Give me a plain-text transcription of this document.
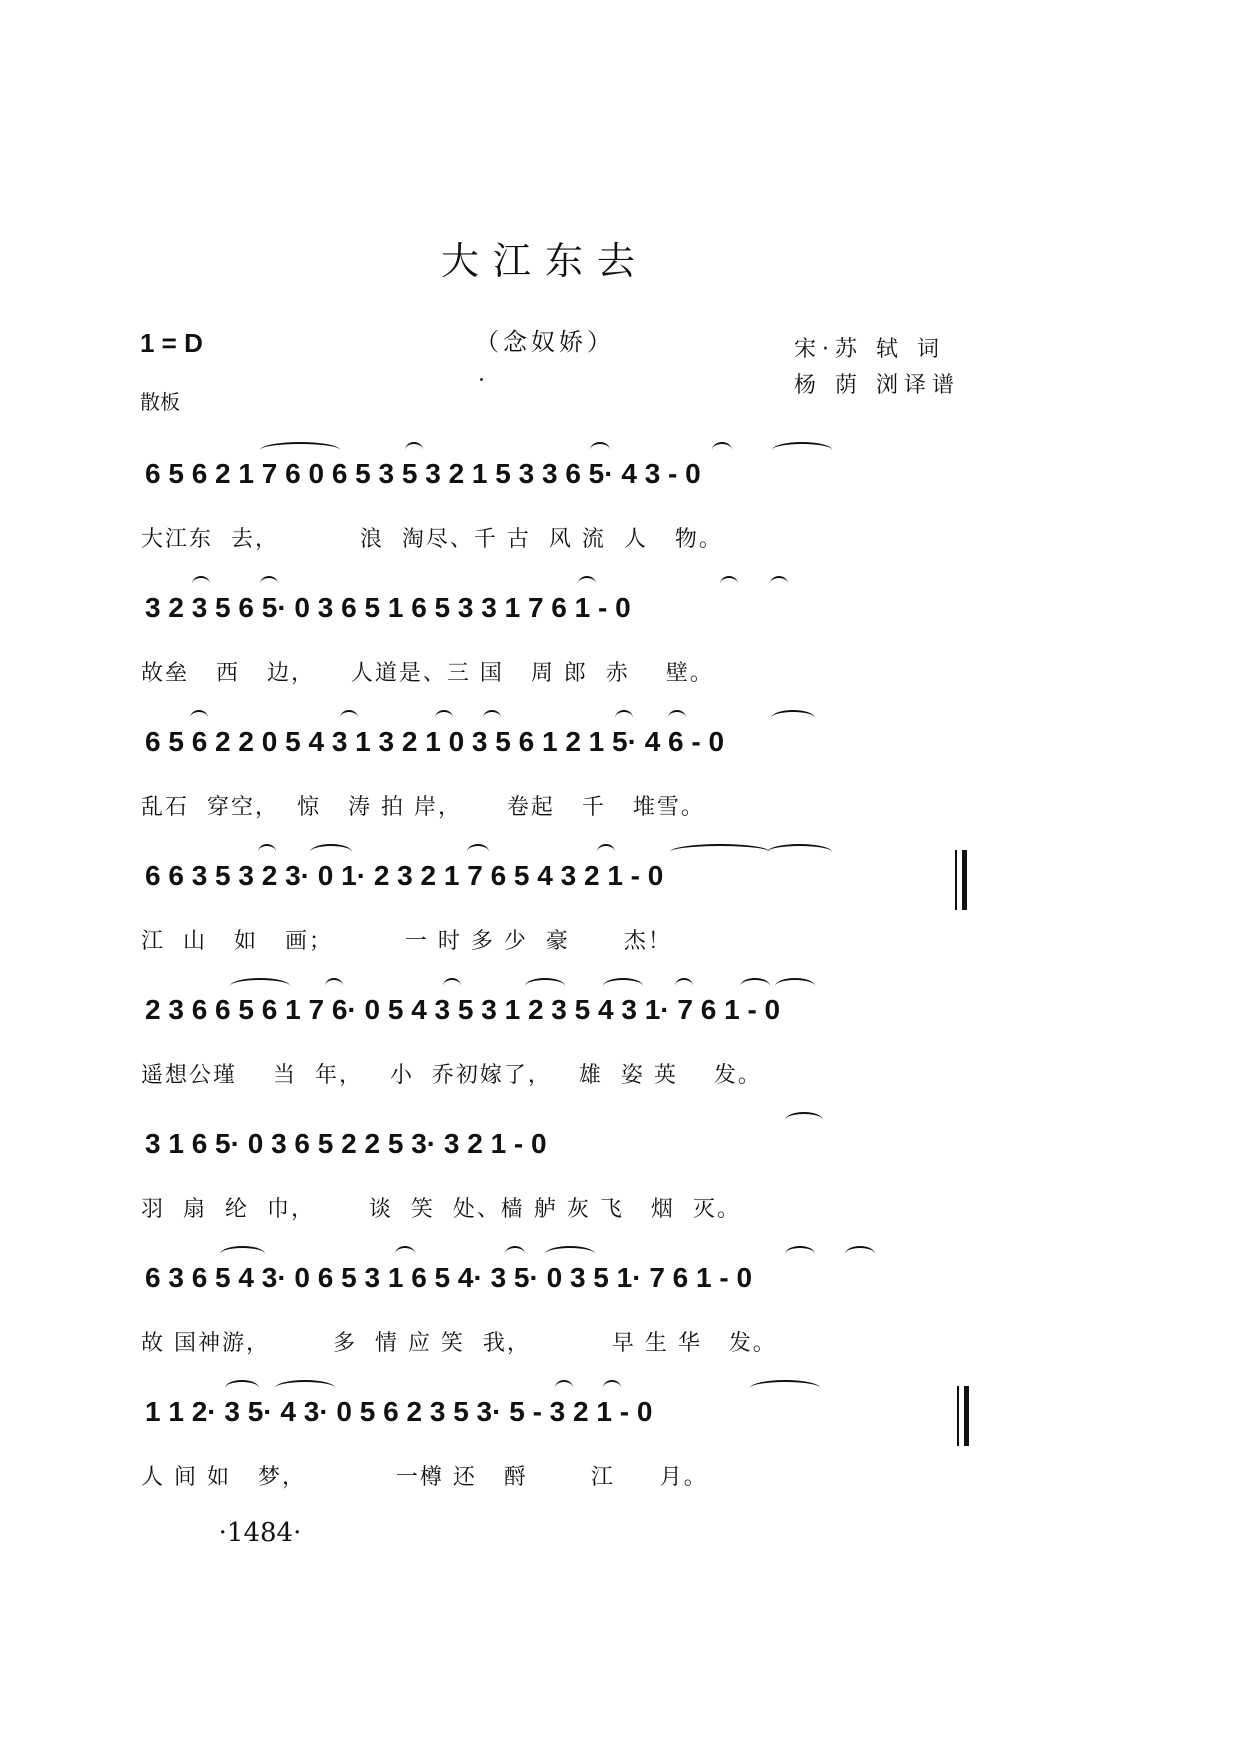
大江东去
（念奴娇）
1 = D
散板
宋·苏 轼 词
杨 荫 浏译谱
6 5 6 2 1 7 6 0 6 5 3 5 3 2 1 5 3 3 6 5· 4 3 - 0
大江东  去，         浪  淘尽、千 古  风 流  人   物。
3 2 3 5 6 5· 0 3 6 5 1 6 5 3 3 1 7 6 1 - 0
故垒   西   边，    人道是、三 国   周 郎  赤    壁。
6 5 6 2 2 0 5 4 3 1 3 2 1 0 3 5 6 1 2 1 5· 4 6 - 0
乱石  穿空，  惊   涛 拍 岸，     卷起   千   堆雪。
6 6 3 5 3 2 3· 0 1· 2 3 2 1 7 6 5 4 3 2 1 - 0
江  山   如   画；        一 时 多 少  豪      杰！
2 3 6 6 5 6 1 7 6· 0 5 4 3 5 3 1 2 3 5 4 3 1· 7 6 1 - 0
遥想公瑾    当  年，   小  乔初嫁了，   雄  姿 英    发。
3 1 6 5· 0 3 6 5 2 2 5 3· 3 2 1 - 0
羽  扇  纶  巾，      谈  笑  处、樯 舻 灰 飞   烟  灭。
6 3 6 5 4 3· 0 6 5 3 1 6 5 4· 3 5· 0 3 5 1· 7 6 1 - 0
故 国神游，       多  情 应 笑  我，         早 生 华   发。
1 1 2· 3 5· 4 3· 0 5 6 2 3 5 3· 5 - 3 2 1 - 0
人 间 如   梦，          一樽 还   酹       江     月。
·1484·
